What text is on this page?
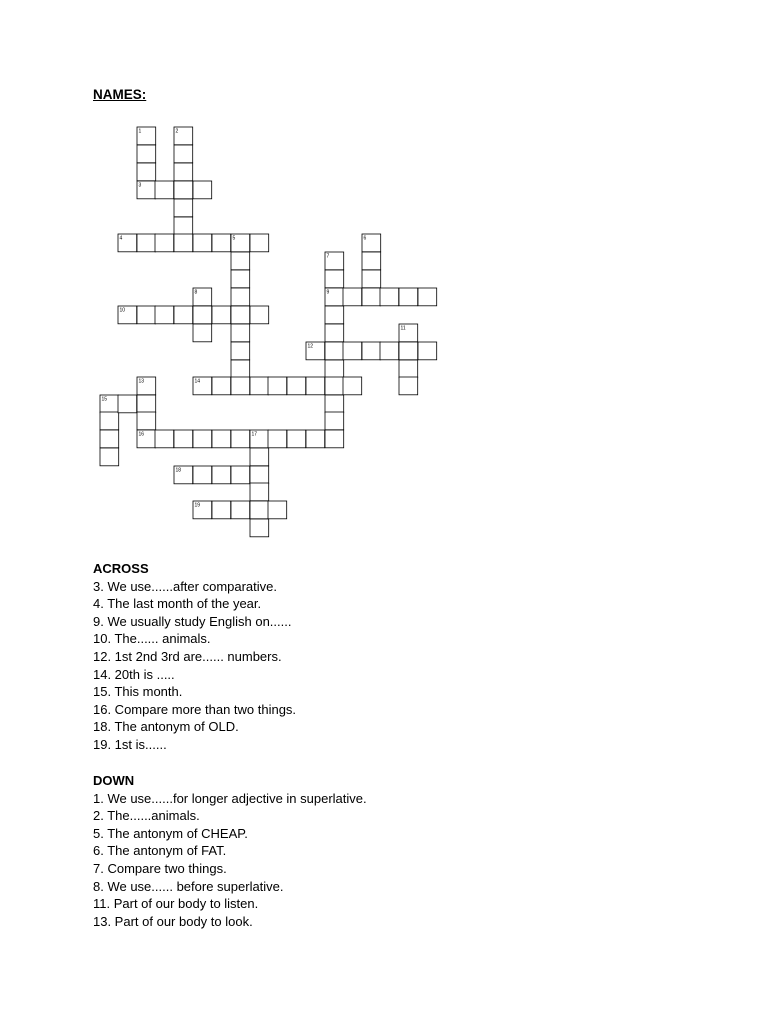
NAMES:
1	2
3
4	5	6
7
8	9
10
11
12
13	14
15
16	17
18
19
ACROSS
3. We use......after comparative.
4. The last month of the year.
9. We usually study English on......
10. The...... animals.
12. 1st 2nd 3rd are...... numbers.
14. 20th is .....
15. This month.
16. Compare more than two things.
18. The antonym of OLD.
19. 1st is......
DOWN
1. We use......for longer adjective in superlative.
2. The......animals.
5. The antonym of CHEAP.
6. The antonym of FAT.
7. Compare two things.
8. We use...... before superlative.
11. Part of our body to listen.
13. Part of our body to look.
